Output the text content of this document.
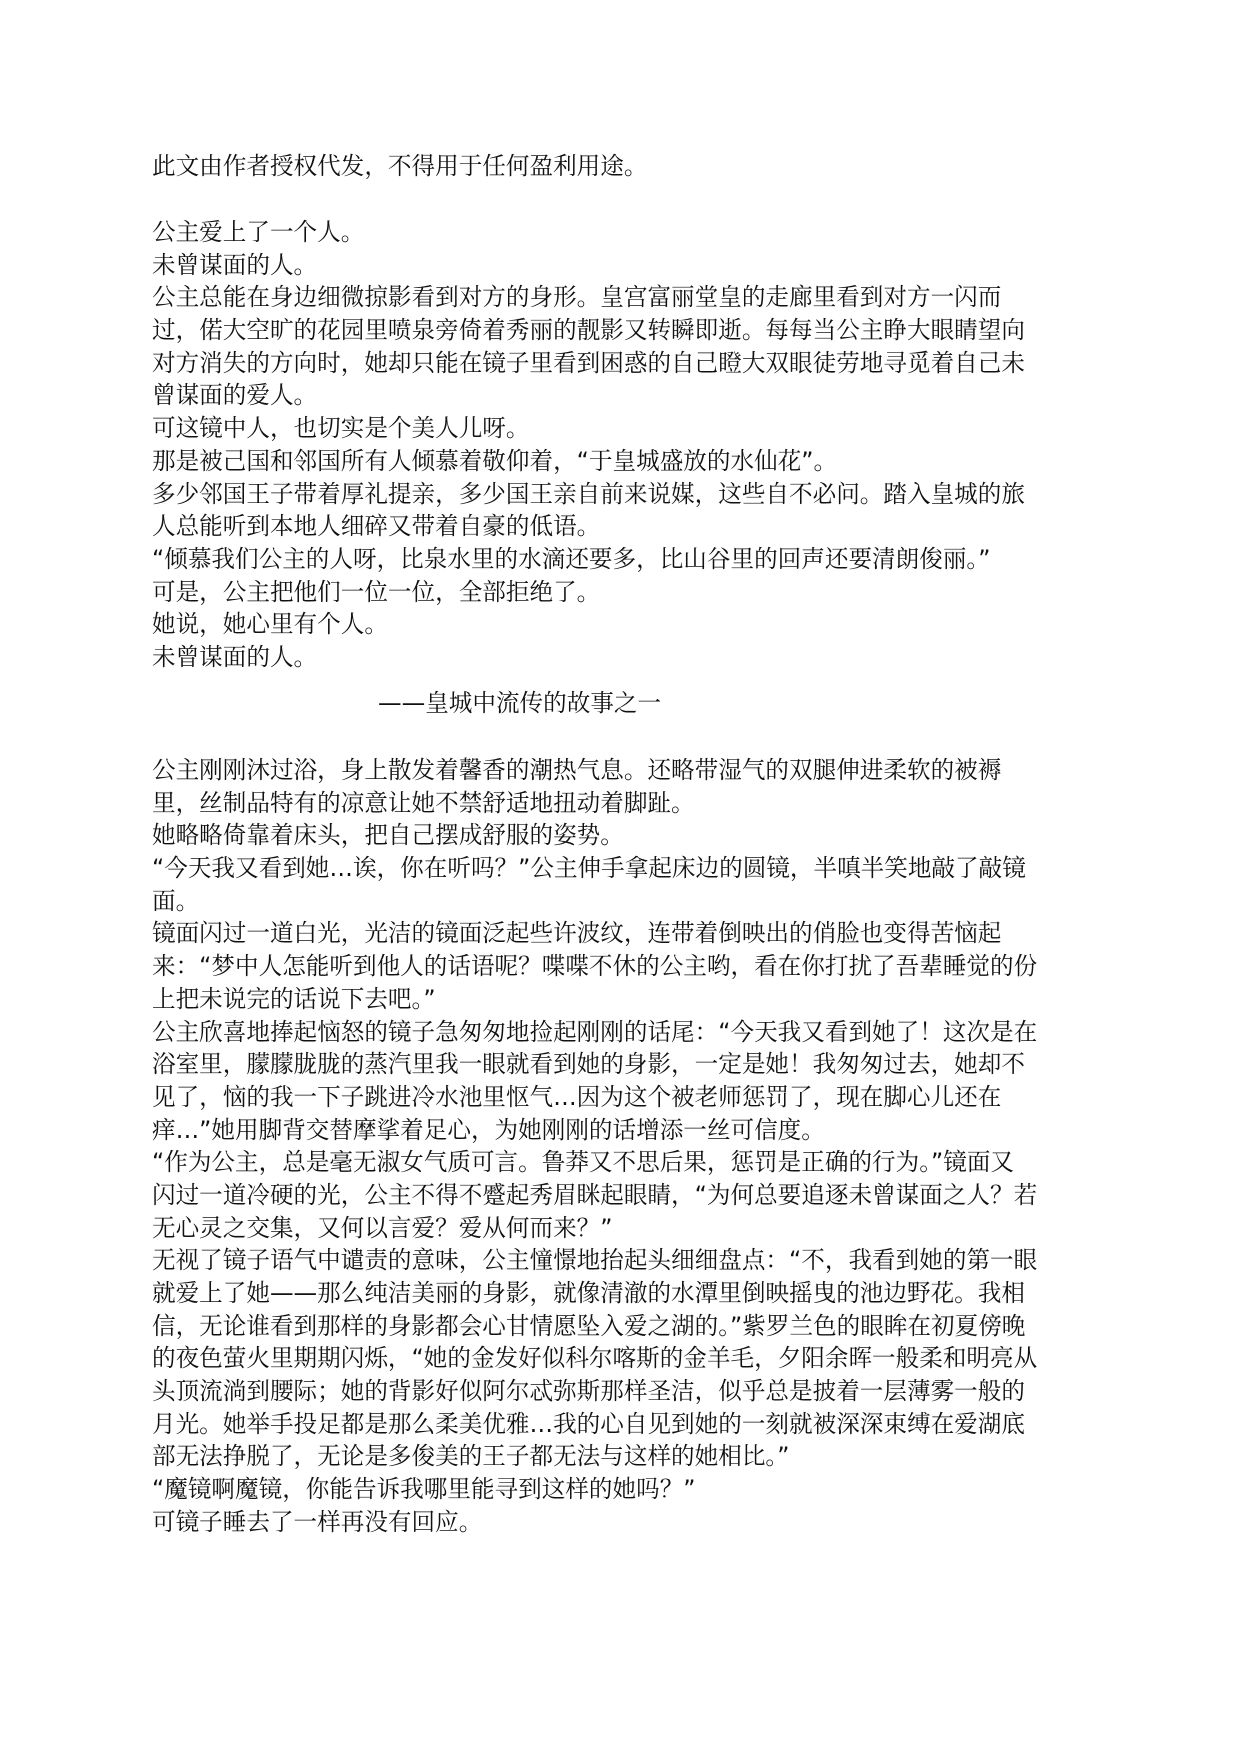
此文由作者授权代发，不得用于任何盈利用途。
公主爱上了一个人。
未曾谋面的人。
公主总能在身边细微掠影看到对方的身形。皇宫富丽堂皇的走廊里看到对方一闪而
过，偌大空旷的花园里喷泉旁倚着秀丽的靓影又转瞬即逝。每每当公主睁大眼睛望向
对方消失的方向时，她却只能在镜子里看到困惑的自己瞪大双眼徒劳地寻觅着自己未
曾谋面的爱人。
可这镜中人，也切实是个美人儿呀。
那是被己国和邻国所有人倾慕着敬仰着，“于皇城盛放的水仙花”。
多少邻国王子带着厚礼提亲，多少国王亲自前来说媒，这些自不必问。踏入皇城的旅
人总能听到本地人细碎又带着自豪的低语。
“倾慕我们公主的人呀，比泉水里的水滴还要多，比山谷里的回声还要清朗俊丽。”
可是，公主把他们一位一位，全部拒绝了。
她说，她心里有个人。
未曾谋面的人。
——皇城中流传的故事之一
公主刚刚沐过浴，身上散发着馨香的潮热气息。还略带湿气的双腿伸进柔软的被褥
里，丝制品特有的凉意让她不禁舒适地扭动着脚趾。
她略略倚靠着床头，把自己摆成舒服的姿势。
“今天我又看到她…诶，你在听吗？”公主伸手拿起床边的圆镜，半嗔半笑地敲了敲镜
面。
镜面闪过一道白光，光洁的镜面泛起些许波纹，连带着倒映出的俏脸也变得苦恼起
来：“梦中人怎能听到他人的话语呢？喋喋不休的公主哟，看在你打扰了吾辈睡觉的份
上把未说完的话说下去吧。”
公主欣喜地捧起恼怒的镜子急匆匆地捡起刚刚的话尾：“今天我又看到她了！这次是在
浴室里，朦朦胧胧的蒸汽里我一眼就看到她的身影，一定是她！我匆匆过去，她却不
见了，恼的我一下子跳进冷水池里怄气…因为这个被老师惩罚了，现在脚心儿还在
痒…”她用脚背交替摩挲着足心，为她刚刚的话增添一丝可信度。
“作为公主，总是毫无淑女气质可言。鲁莽又不思后果，惩罚是正确的行为。”镜面又
闪过一道冷硬的光，公主不得不蹙起秀眉眯起眼睛，“为何总要追逐未曾谋面之人？若
无心灵之交集，又何以言爱？爱从何而来？”
无视了镜子语气中谴责的意味，公主憧憬地抬起头细细盘点：“不，我看到她的第一眼
就爱上了她——那么纯洁美丽的身影，就像清澈的水潭里倒映摇曳的池边野花。我相
信，无论谁看到那样的身影都会心甘情愿坠入爱之湖的。”紫罗兰色的眼眸在初夏傍晚
的夜色萤火里期期闪烁，“她的金发好似科尔喀斯的金羊毛，夕阳余晖一般柔和明亮从
头顶流淌到腰际；她的背影好似阿尔忒弥斯那样圣洁，似乎总是披着一层薄雾一般的
月光。她举手投足都是那么柔美优雅…我的心自见到她的一刻就被深深束缚在爱湖底
部无法挣脱了，无论是多俊美的王子都无法与这样的她相比。”
“魔镜啊魔镜，你能告诉我哪里能寻到这样的她吗？”
可镜子睡去了一样再没有回应。
